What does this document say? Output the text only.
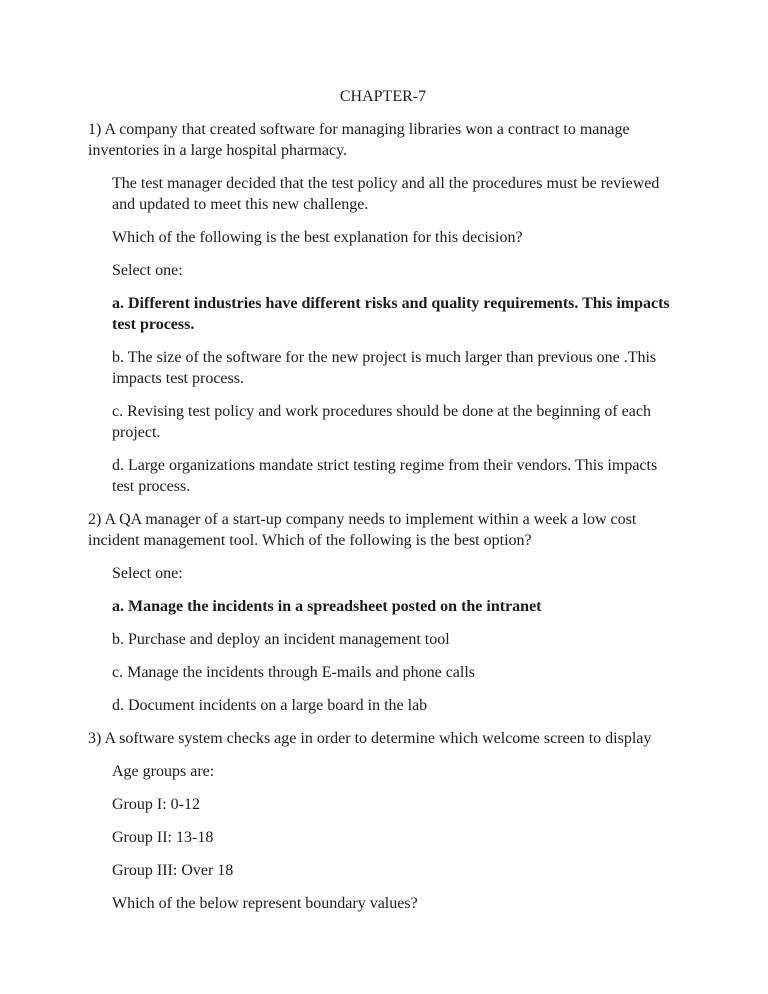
CHAPTER-7

1) A company that created software for managing libraries won a contract to manage inventories in a large hospital pharmacy.

The test manager decided that the test policy and all the procedures must be reviewed and updated to meet this new challenge.

Which of the following is the best explanation for this decision?

Select one:

a. Different industries have different risks and quality requirements. This impacts test process.

b. The size of the software for the new project is much larger than previous one .This impacts test process.

c. Revising test policy and work procedures should be done at the beginning of each project.

d. Large organizations mandate strict testing regime from their vendors. This impacts test process.

2) A QA manager of a start-up company needs to implement within a week a low cost incident management tool. Which of the following is the best option?

Select one:

a. Manage the incidents in a spreadsheet posted on the intranet

b. Purchase and deploy an incident management tool

c. Manage the incidents through E-mails and phone calls

d. Document incidents on a large board in the lab

3) A software system checks age in order to determine which welcome screen to display

Age groups are:

Group I: 0-12

Group II: 13-18

Group III: Over 18

Which of the below represent boundary values?
